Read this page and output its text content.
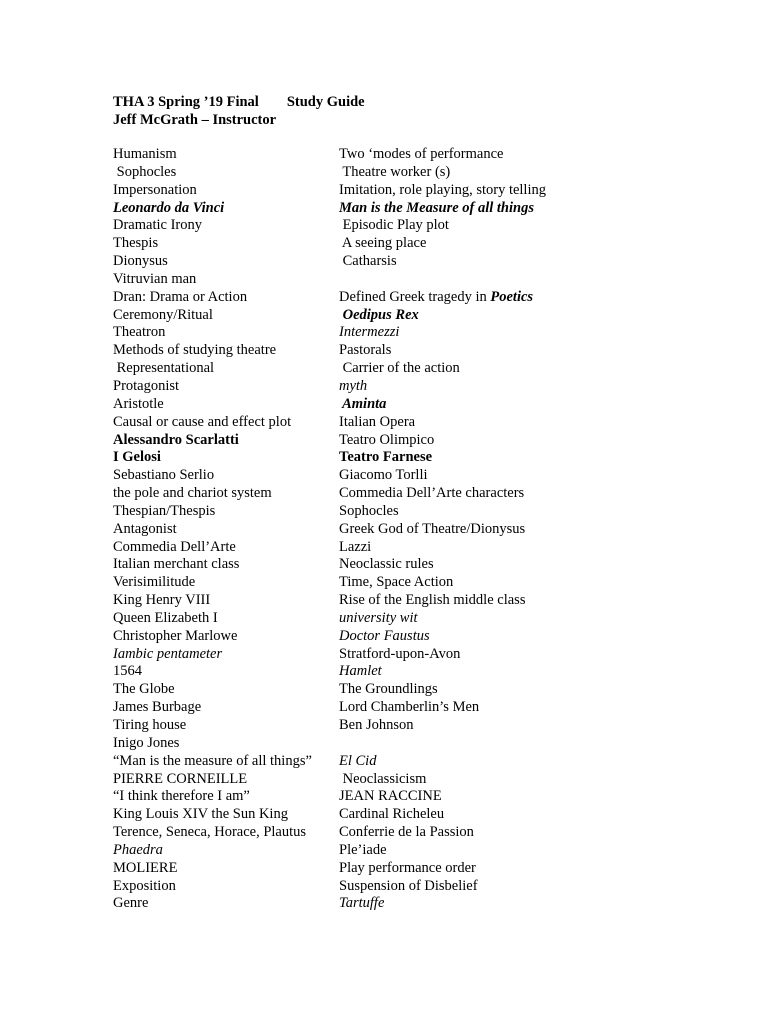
THA 3 Spring ’19 Final Study Guide
Jeff McGrath – Instructor
Humanism
Sophocles
Impersonation
Leonardo da Vinci
Dramatic Irony
Thespis
Dionysus
Vitruvian man
Dran: Drama or Action
Ceremony/Ritual
Theatron
Methods of studying theatre
Representational
Protagonist
Aristotle
Causal or cause and effect plot
Alessandro Scarlatti
I Gelosi
Sebastiano Serlio
the pole and chariot system
Thespian/Thespis
Antagonist
Commedia Dell’Arte
Italian merchant class
Verisimilitude
King Henry VIII
Queen Elizabeth I
Christopher Marlowe
Iambic pentameter
1564
The Globe
James Burbage
Tiring house
Inigo Jones
“Man is the measure of all things”
PIERRE CORNEILLE
“I think therefore I am”
King Louis XIV the Sun King
Terence, Seneca, Horace, Plautus
Phaedra
MOLIERE
Exposition
Genre
Two ‘modes of performance
Theatre worker (s)
Imitation, role playing, story telling
Man is the Measure of all things
Episodic Play plot
A seeing place
Catharsis
Defined Greek tragedy in Poetics
Oedipus Rex
Intermezzi
Pastorals
Carrier of the action
myth
Aminta
Italian Opera
Teatro Olimpico
Teatro Farnese
Giacomo Torlli
Commedia Dell’Arte characters
Sophocles
Greek God of Theatre/Dionysus
Lazzi
Neoclassic rules
Time, Space Action
Rise of the English middle class
university wit
Doctor Faustus
Stratford-upon-Avon
Hamlet
The Groundlings
Lord Chamberlin’s Men
Ben Johnson
El Cid
Neoclassicism
JEAN RACCINE
Cardinal Richeleu
Conferrie de la Passion
Ple’iade
Play performance order
Suspension of Disbelief
Tartuffe
